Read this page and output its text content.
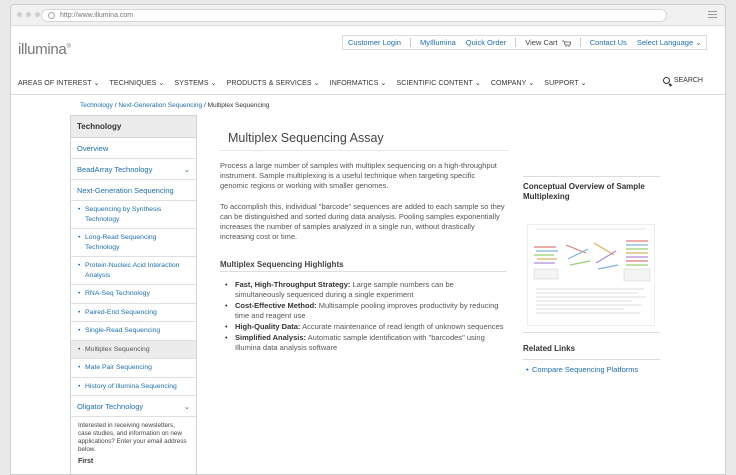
http://www.illumina.com
illumina®	Customer Login	MyIllumina	Quick Order	View Cart	Contact Us	Select Language ⌄
AREAS OF INTEREST ⌄	TECHNIQUES ⌄	SYSTEMS ⌄	PRODUCTS & SERVICES ⌄	INFORMATICS ⌄	SCIENTIFIC CONTENT ⌄	COMPANY ⌄	SUPPORT ⌄	SEARCH
Technology / Next-Generation Sequencing / Multiplex Sequencing
Technology
Overview
BeadArray Technology	⌄
Next-Generation Sequencing
• Sequencing by Synthesis Technology
• Long-Read Sequencing Technology
• Protein-Nucleic Acid Interaction Analysis
• RNA-Seq Technology
• Paired-End Sequencing
• Single-Read Sequencing
• Multiplex Sequencing
• Mate Pair Sequencing
• History of Illumina Sequencing
Oligator Technology	⌄
Interested in receiving newsletters, case studies, and information on new applications? Enter your email address below.
First
Multiplex Sequencing Assay
Process a large number of samples with multiplex sequencing on a high-throughput instrument. Sample multiplexing is a useful technique when targeting specific genomic regions or working with smaller genomes.
To accomplish this, individual "barcode" sequences are added to each sample so they can be distinguished and sorted during data analysis. Pooling samples exponentially increases the number of samples analyzed in a single run, without drastically increasing cost or time.
Multiplex Sequencing Highlights
• Fast, High-Throughput Strategy: Large sample numbers can be simultaneously sequenced during a single experiment
• Cost-Effective Method: Multisample pooling improves productivity by reducing time and reagent use
• High-Quality Data: Accurate maintenance of read length of unknown sequences
• Simplified Analysis: Automatic sample identification with "barcodes" using Illumina data analysis software
Conceptual Overview of Sample Multiplexing
Related Links
• Compare Sequencing Platforms
